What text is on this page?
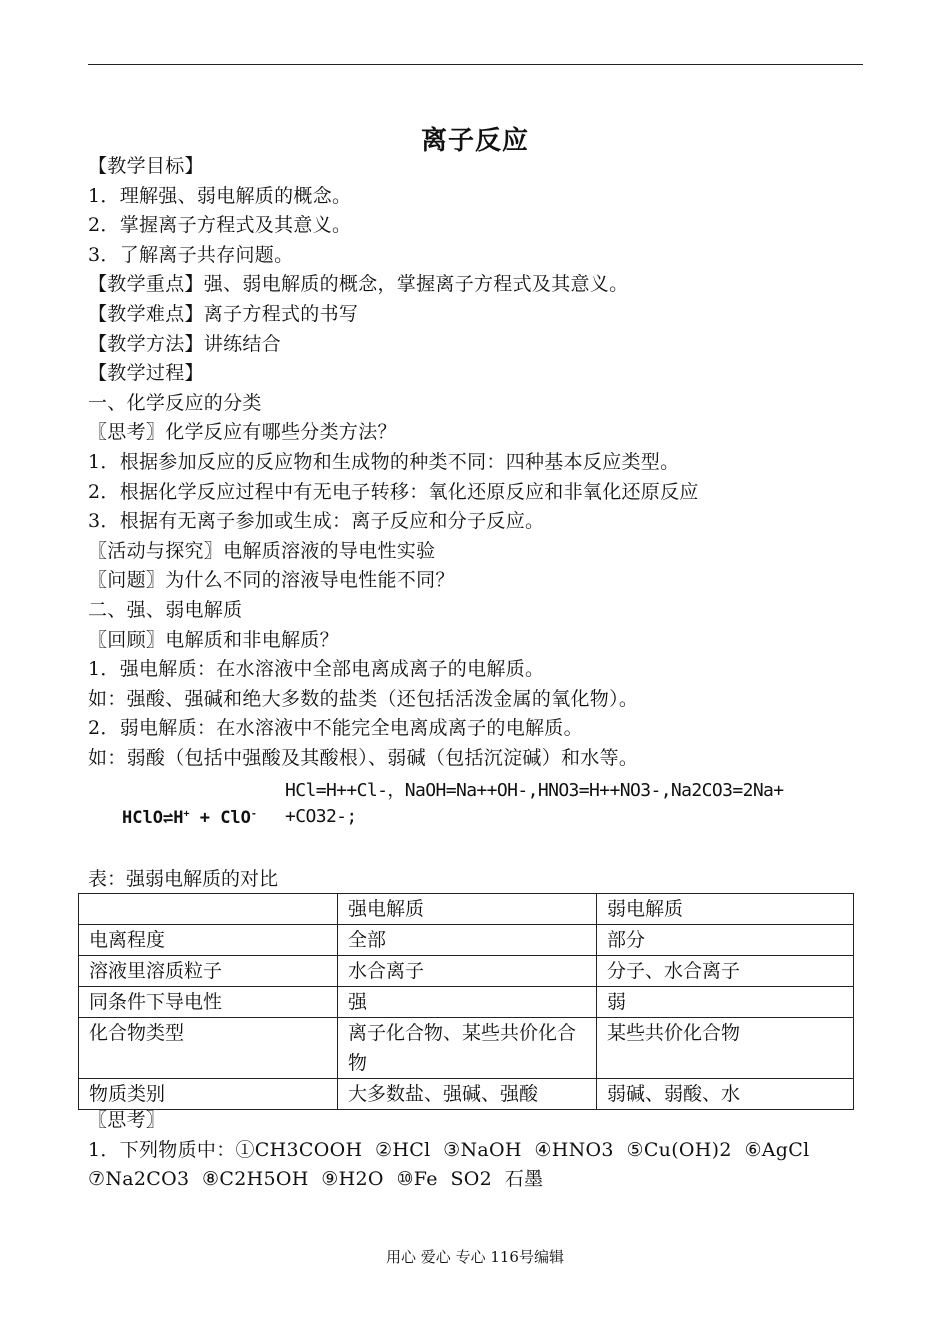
离子反应
【教学目标】
1．理解强、弱电解质的概念。
2．掌握离子方程式及其意义。
3．了解离子共存问题。
【教学重点】强、弱电解质的概念，掌握离子方程式及其意义。
【教学难点】离子方程式的书写
【教学方法】讲练结合
【教学过程】
一、化学反应的分类
〖思考〗化学反应有哪些分类方法？
1．根据参加反应的反应物和生成物的种类不同：四种基本反应类型。
2．根据化学反应过程中有无电子转移：氧化还原反应和非氧化还原反应
3．根据有无离子参加或生成：离子反应和分子反应。
〖活动与探究〗电解质溶液的导电性实验
〖问题〗为什么不同的溶液导电性能不同？
二、强、弱电解质
〖回顾〗电解质和非电解质？
1．强电解质：在水溶液中全部电离成离子的电解质。
如：强酸、强碱和绝大多数的盐类（还包括活泼金属的氧化物）。
2．弱电解质：在水溶液中不能完全电离成离子的电解质。
如：弱酸（包括中强酸及其酸根）、弱碱（包括沉淀碱）和水等。
HCl=H++Cl-，NaOH=Na++OH-,HNO3=H++NO3-,Na2CO3=2Na+
+CO32-;
HClO⇌H+ + ClO-
表：强弱电解质的对比
	强电解质	弱电解质
电离程度	全部	部分
溶液里溶质粒子	水合离子	分子、水合离子
同条件下导电性	强	弱
化合物类型	离子化合物、某些共价化合物	某些共价化合物
物质类别	大多数盐、强碱、强酸	弱碱、弱酸、水
〖思考〗
1．下列物质中：①CH3COOH  ②HCl  ③NaOH  ④HNO3  ⑤Cu(OH)2  ⑥AgCl
⑦Na2CO3  ⑧C2H5OH  ⑨H2O  ⑩Fe  SO2  石墨
用心 爱心 专心 116号编辑
